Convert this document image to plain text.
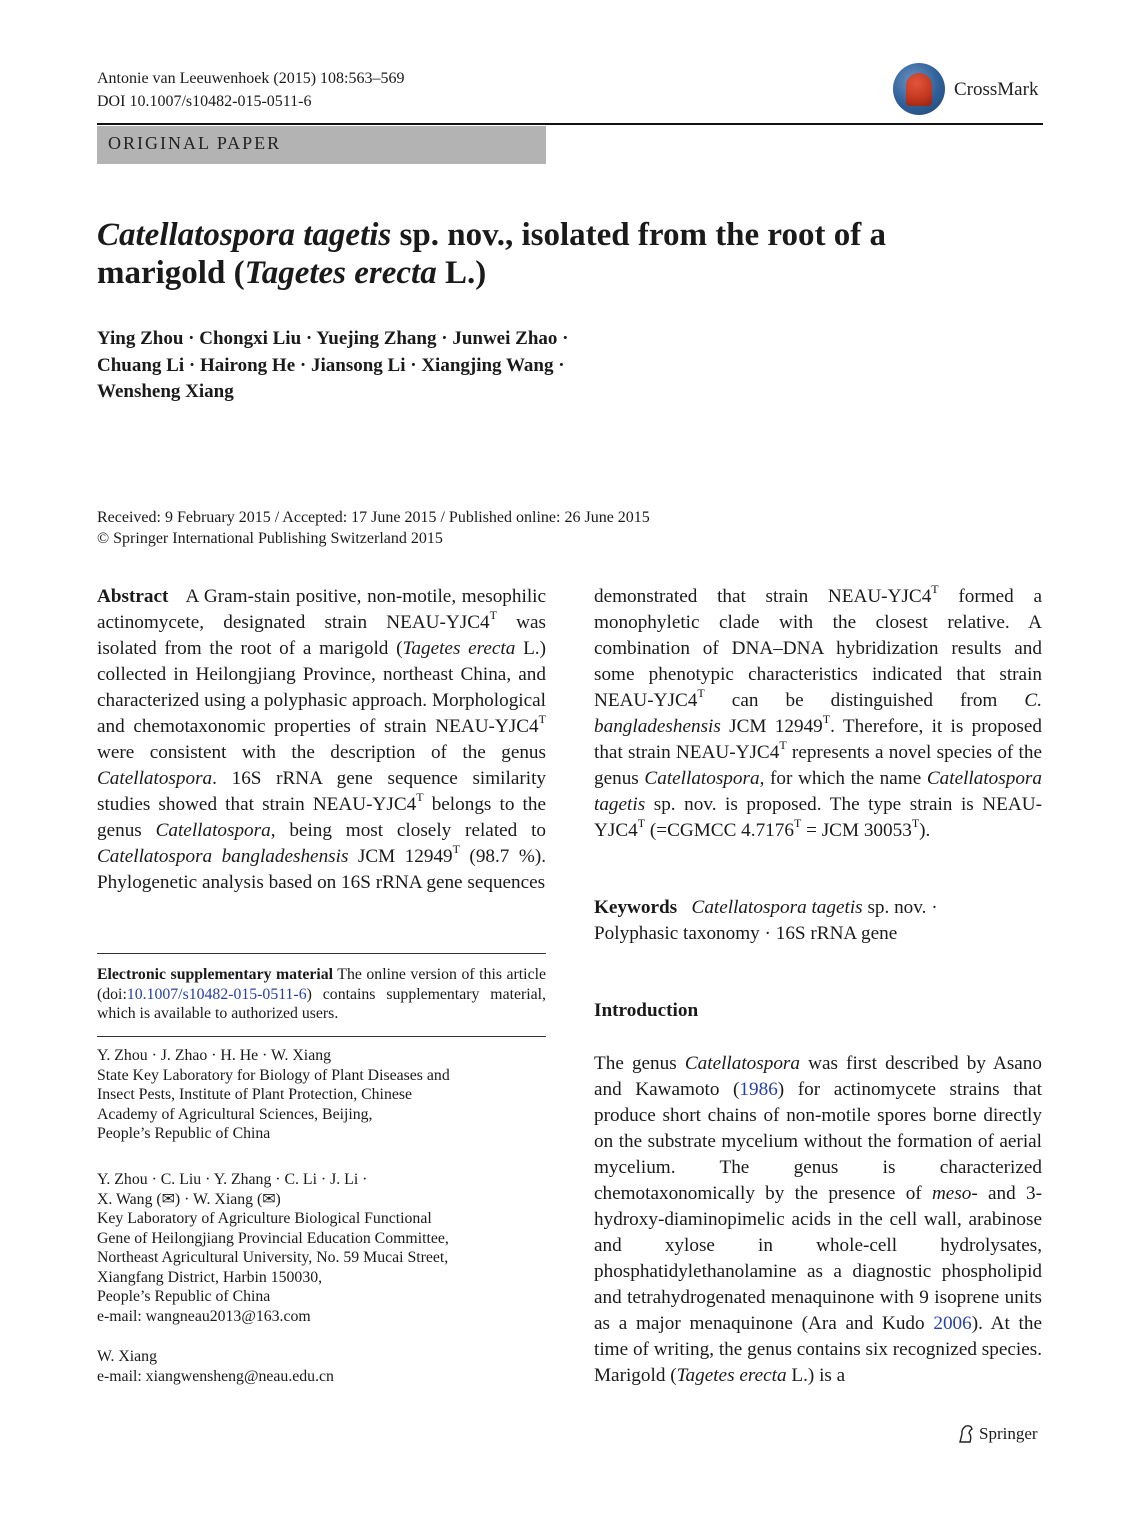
Antonie van Leeuwenhoek (2015) 108:563–569
DOI 10.1007/s10482-015-0511-6
CrossMark
ORIGINAL PAPER
Catellatospora tagetis sp. nov., isolated from the root of a marigold (Tagetes erecta L.)
Ying Zhou · Chongxi Liu · Yuejing Zhang · Junwei Zhao ·
Chuang Li · Hairong He · Jiansong Li · Xiangjing Wang ·
Wensheng Xiang
Received: 9 February 2015 / Accepted: 17 June 2015 / Published online: 26 June 2015
© Springer International Publishing Switzerland 2015
Abstract A Gram-stain positive, non-motile, mesophilic actinomycete, designated strain NEAU-$YJC4^T$ was isolated from the root of a marigold (Tagetes erecta L.) collected in Heilongjiang Province, northeast China, and characterized using a polyphasic approach. Morphological and chemotaxonomic properties of strain NEAU-$YJC4^T$ were consistent with the description of the genus Catellatospora. 16S rRNA gene sequence similarity studies showed that strain NEAU-$YJC4^T$ belongs to the genus Catellatospora, being most closely related to Catellatospora bangladeshensis JCM $12949^T$ (98.7 %). Phylogenetic analysis based on 16S rRNA gene sequences
demonstrated that strain NEAU-$YJC4^T$ formed a monophyletic clade with the closest relative. A combination of DNA–DNA hybridization results and some phenotypic characteristics indicated that strain NEAU-$YJC4^T$ can be distinguished from C. bangladeshensis JCM $12949^T$. Therefore, it is proposed that strain NEAU-$YJC4^T$ represents a novel species of the genus Catellatospora, for which the name Catellatospora tagetis sp. nov. is proposed. The type strain is NEAU-$YJC4^T$ (=CGMCC $4.7176^T$ = JCM $30053^T$).
Keywords Catellatospora tagetis sp. nov. ·
Polyphasic taxonomy · 16S rRNA gene
Electronic supplementary material The online version of this article (doi:10.1007/s10482-015-0511-6) contains supplementary material, which is available to authorized users.
Y. Zhou · J. Zhao · H. He · W. Xiang
State Key Laboratory for Biology of Plant Diseases and
Insect Pests, Institute of Plant Protection, Chinese
Academy of Agricultural Sciences, Beijing,
People’s Republic of China
Y. Zhou · C. Liu · Y. Zhang · C. Li · J. Li ·
X. Wang (✉) · W. Xiang (✉)
Key Laboratory of Agriculture Biological Functional
Gene of Heilongjiang Provincial Education Committee,
Northeast Agricultural University, No. 59 Mucai Street,
Xiangfang District, Harbin 150030,
People’s Republic of China
e-mail: wangneau2013@163.com
W. Xiang
e-mail: xiangwensheng@neau.edu.cn
Introduction
The genus Catellatospora was first described by Asano and Kawamoto (1986) for actinomycete strains that produce short chains of non-motile spores borne directly on the substrate mycelium without the formation of aerial mycelium. The genus is characterized chemotaxonomically by the presence of meso- and 3-hydroxy-diaminopimelic acids in the cell wall, arabinose and xylose in whole-cell hydrolysates, phosphatidylethanolamine as a diagnostic phospholipid and tetrahydrogenated menaquinone with 9 isoprene units as a major menaquinone (Ara and Kudo 2006). At the time of writing, the genus contains six recognized species. Marigold (Tagetes erecta L.) is a
Springer
